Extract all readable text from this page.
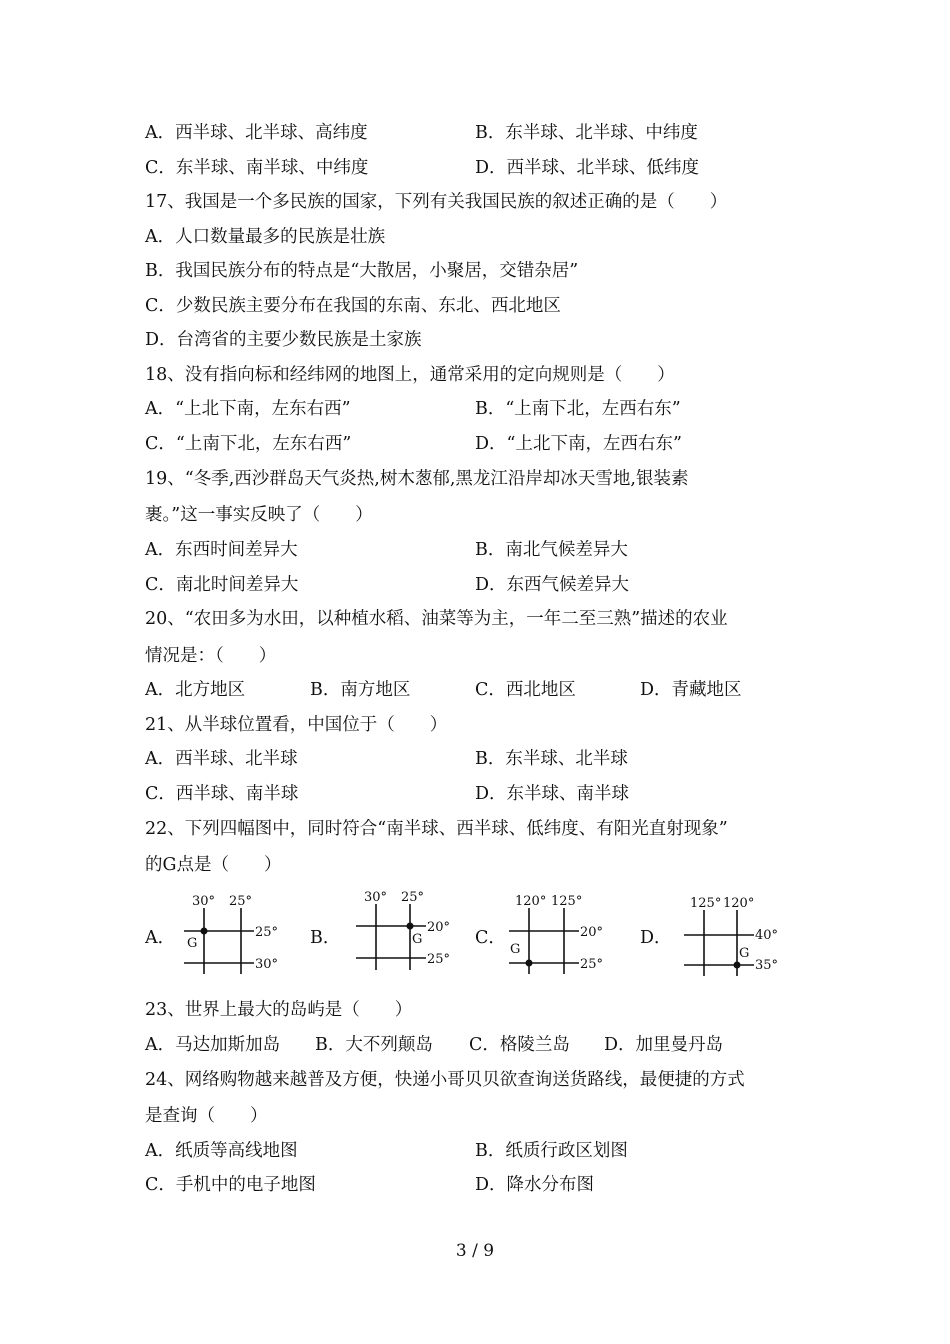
A．西半球、北半球、高纬度	B．东半球、北半球、中纬度
C．东半球、南半球、中纬度	D．西半球、北半球、低纬度
17、我国是一个多民族的国家，下列有关我国民族的叙述正确的是（　　）
A．人口数量最多的民族是壮族
B．我国民族分布的特点是“大散居，小聚居，交错杂居”
C．少数民族主要分布在我国的东南、东北、西北地区
D．台湾省的主要少数民族是土家族
18、没有指向标和经纬网的地图上，通常采用的定向规则是（　　）
A．“上北下南，左东右西”	B．“上南下北，左西右东”
C．“上南下北，左东右西”	D．“上北下南，左西右东”
19、“冬季,西沙群岛天气炎热,树木葱郁,黑龙江沿岸却冰天雪地,银装素
裹。”这一事实反映了（　　）
A．东西时间差异大	B．南北气候差异大
C．南北时间差异大	D．东西气候差异大
20、“农田多为水田，以种植水稻、油菜等为主，一年二至三熟”描述的农业
情况是：（　　）
A．北方地区	B．南方地区	C．西北地区	D．青藏地区
21、从半球位置看，中国位于（　　）
A．西半球、北半球	B．东半球、北半球
C．西半球、南半球	D．东半球、南半球
22、下列四幅图中，同时符合“南半球、西半球、低纬度、有阳光直射现象”
的G点是（　　）
A．
30° 25°
G
25°
30°
B．
30° 25°
G
20°
25°
C．
120° 125°
G
20°
25°
D．
125° 120°
G
40°
35°
23、世界上最大的岛屿是（　　）
A．马达加斯加岛 B．大不列颠岛 C．格陵兰岛 D．加里曼丹岛
24、网络购物越来越普及方便，快递小哥贝贝欲查询送货路线，最便捷的方式
是查询（　　）
A．纸质等高线地图	B．纸质行政区划图
C．手机中的电子地图	D．降水分布图
3 / 9
